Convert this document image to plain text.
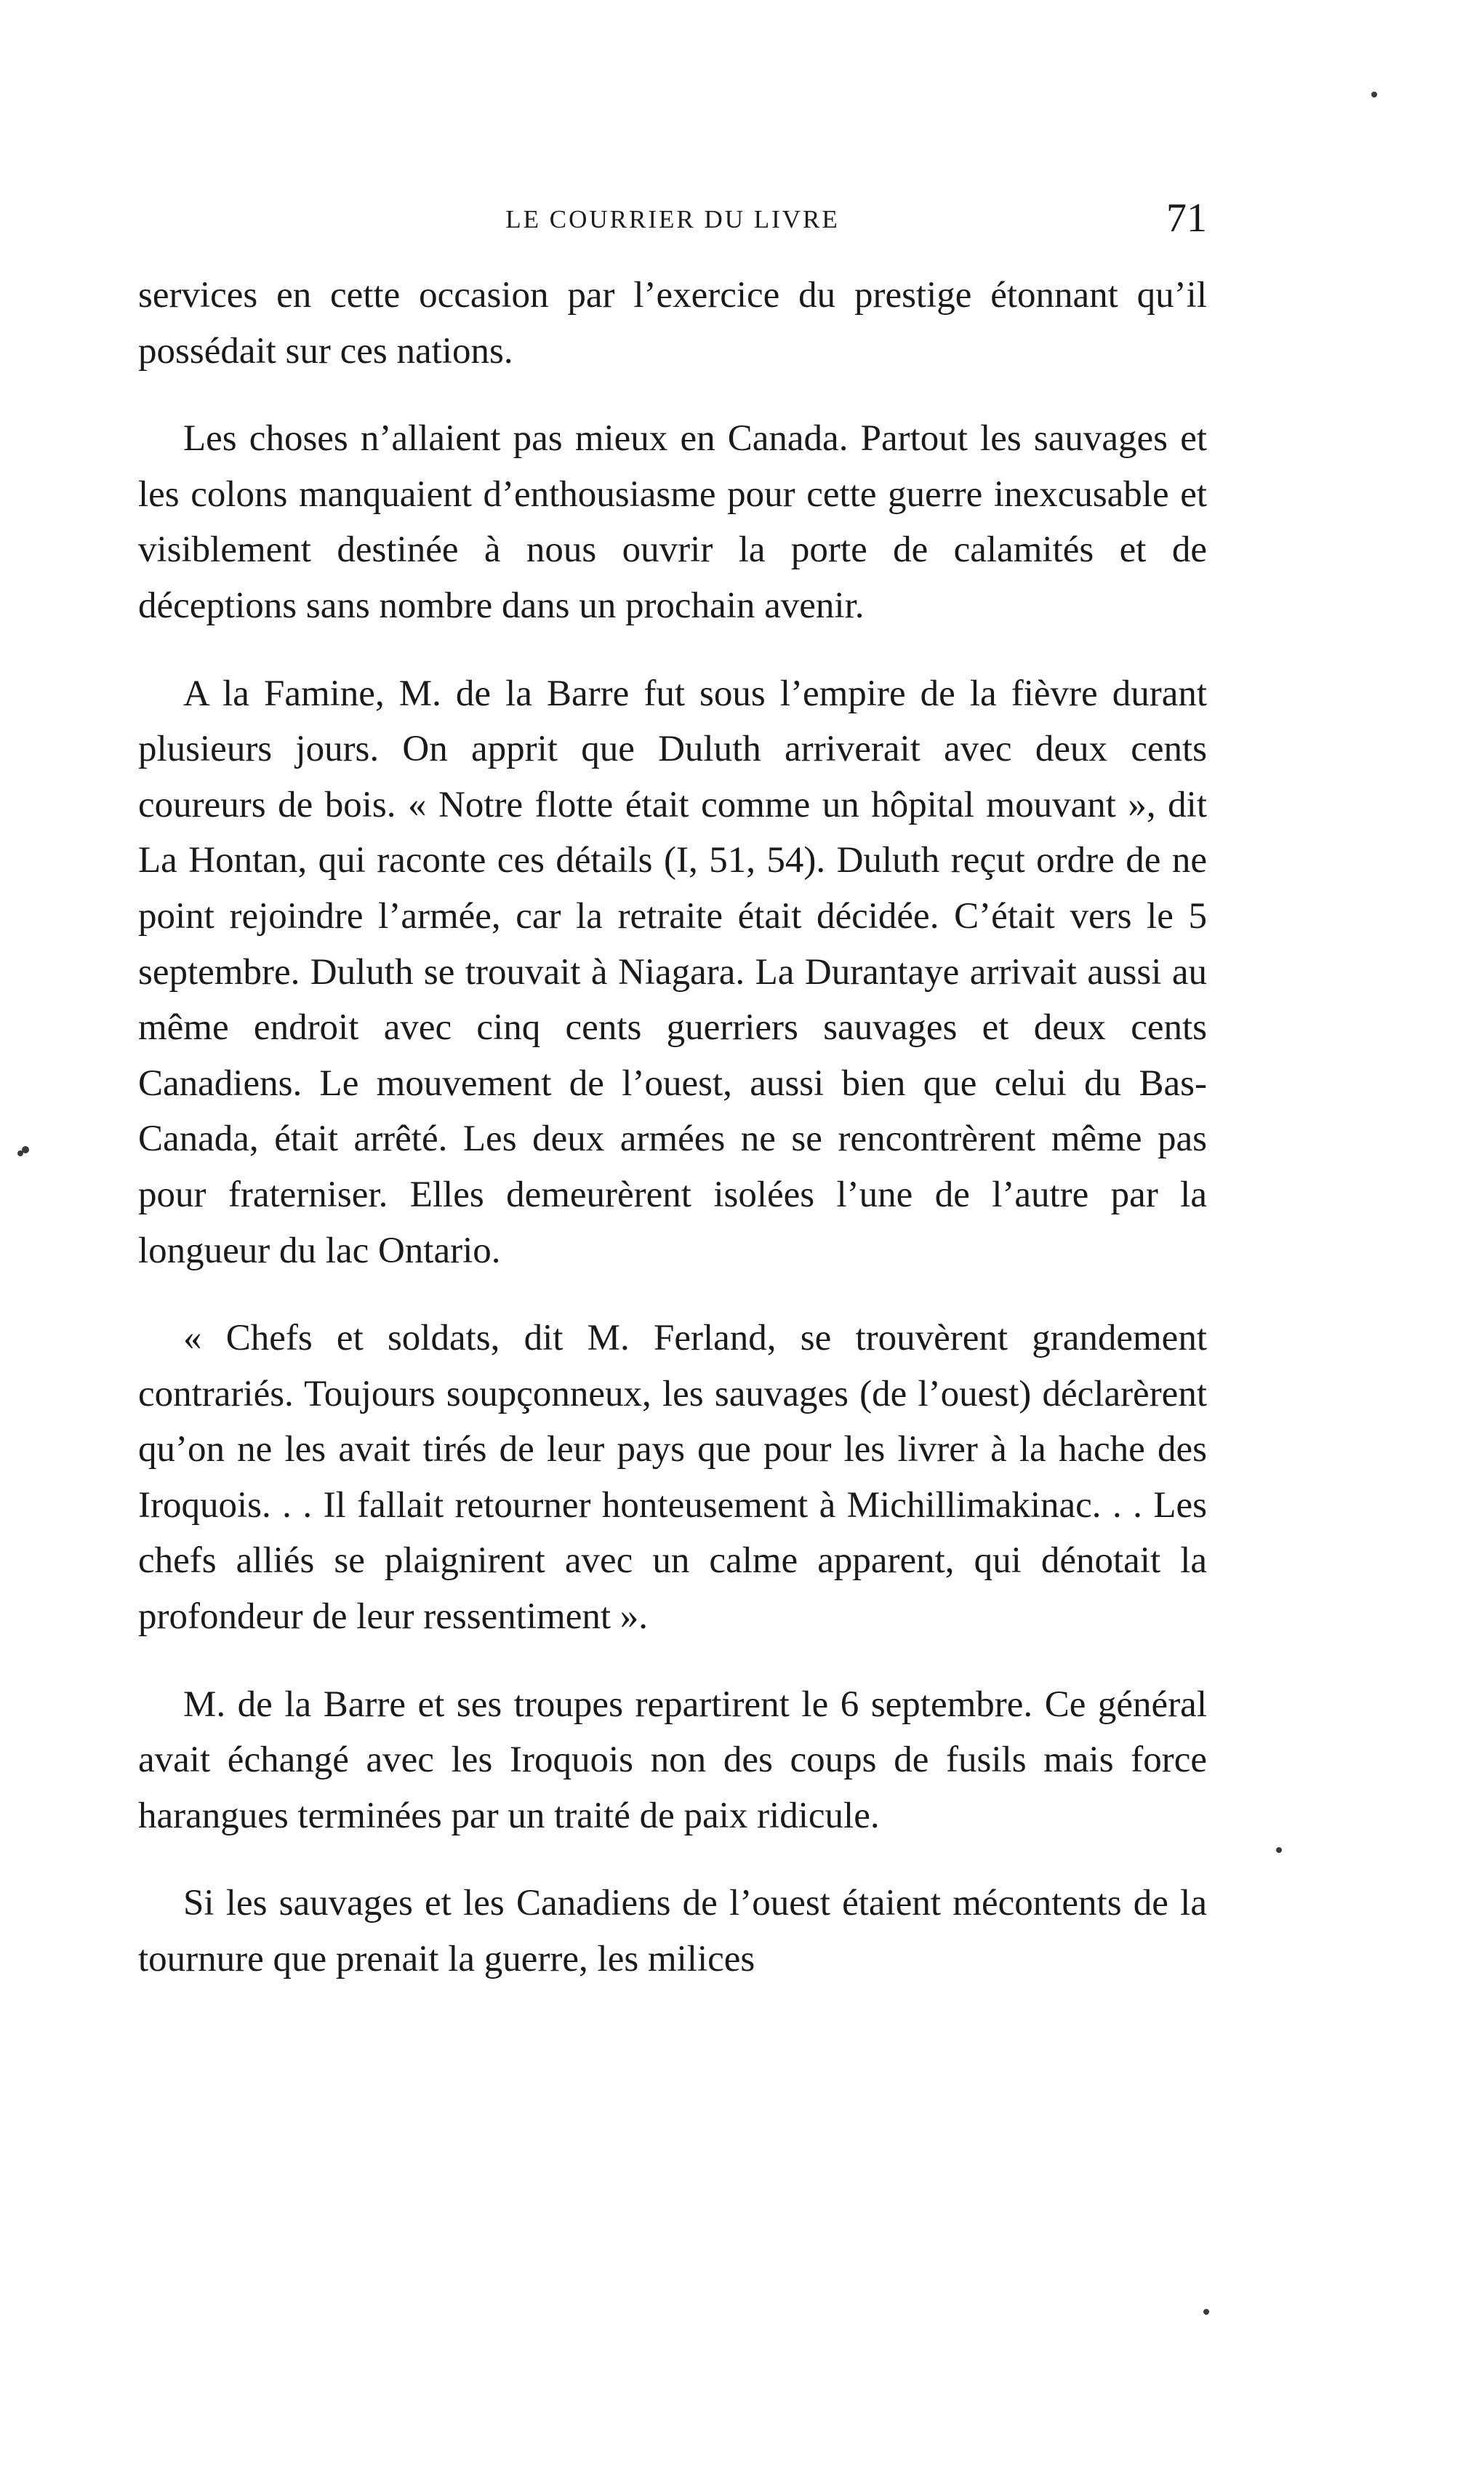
LE COURRIER DU LIVRE	71

services en cette occasion par l’exercice du prestige étonnant qu’il possédait sur ces nations.

Les choses n’allaient pas mieux en Canada. Partout les sauvages et les colons manquaient d’enthousiasme pour cette guerre inexcusable et visiblement destinée à nous ouvrir la porte de calamités et de déceptions sans nombre dans un prochain avenir.

A la Famine, M. de la Barre fut sous l’empire de la fièvre durant plusieurs jours. On apprit que Duluth arriverait avec deux cents coureurs de bois. « Notre flotte était comme un hôpital mouvant », dit La Hontan, qui raconte ces détails (I, 51, 54). Duluth reçut ordre de ne point rejoindre l’armée, car la retraite était décidée. C’était vers le 5 septembre. Duluth se trouvait à Niagara. La Durantaye arrivait aussi au même endroit avec cinq cents guerriers sauvages et deux cents Canadiens. Le mouvement de l’ouest, aussi bien que celui du Bas-Canada, était arrêté. Les deux armées ne se rencontrèrent même pas pour fraterniser. Elles demeurèrent isolées l’une de l’autre par la longueur du lac Ontario.

« Chefs et soldats, dit M. Ferland, se trouvèrent grandement contrariés. Toujours soupçonneux, les sauvages (de l’ouest) déclarèrent qu’on ne les avait tirés de leur pays que pour les livrer à la hache des Iroquois. . . Il fallait retourner honteusement à Michillimakinac. . . Les chefs alliés se plaignirent avec un calme apparent, qui dénotait la profondeur de leur ressentiment ».

M. de la Barre et ses troupes repartirent le 6 septembre. Ce général avait échangé avec les Iroquois non des coups de fusils mais force harangues terminées par un traité de paix ridicule.

Si les sauvages et les Canadiens de l’ouest étaient mécontents de la tournure que prenait la guerre, les milices
